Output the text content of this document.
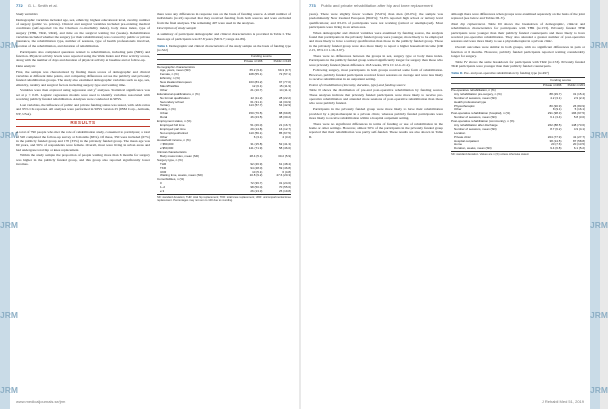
JRM
JRM
JRM
JRM
JRM
772 G. L. Smith et al.

Study variables

Demographic variables included age, sex, ethnicity, highest educational level, rurality, number of surgery (public vs. private). Clinical and surgical variables included pre-existing medical conditions (self-reported via the Charlson co-morbidity index), body mass index, type of surgery (THR, TKR, UKR), and time on the surgical waiting list (weeks). Rehabilitation variables included whether the surgery (or their rehabilitation) was covered by public or private insurance, the rehabilitation type, number of sessions, type of health professionals involved, location of the rehabilitation, and duration of rehabilitation.

Participants also completed questions related to rehabilitation, including pain (NRS) and function. Physical activity levels were reported using the Walk Index and Prior activity scores, along with the number of days and duration of physical activity at baseline and at follow-up.

Data analysis

First, the sample was characterized by finding mean scores of demographic and clinical variables at different time points, and comparing differences across the publicly and privately funded rehabilitation groups. The study also examined demographic variables such as age, sex, ethnicity, rurality and surgical factors including surgery type and waiting time.

Variables were then explored using regression and χ² analyses. Statistical significance was set at p < 0.05. Logistic regression models were used to identify variables associated with receiving publicly funded rehabilitation. Analyses were conducted in SPSS.

Last variables, the influence of public and private funding status was tested, with odds ratios and 95% CIs reported. All analyses were performed in SPSS version 25 (IBM Corp., Armonk, NY, USA).

RESULTS

A total of 790 people who met the role of rehabilitation study, consented to participate; a total of 520 completed the follow-up survey at 6 months (66%). Of these, 350 were included (67%) in the publicly funded group and 170 (33%) in the privately funded group. The mean age was 69 years, and 56% of respondents were female. Overall, most were living in urban areas and had undergone total hip or knee replacement.

Within the study sample the proportion of people waiting more than 6 months for surgery was higher in the publicly funded group, and this group also reported significantly lower incomes.

there were any differences in response rate on the basis of funding source. A small number of individuals (n=22) reported that they received funding from both sources and were excluded from the final analyses. The remaining 497 were used in the analyses.

Description of study sample

A summary of participant demographic and clinical characteristics is provided in Table I. The mean age of participants was 67.8 years (SD 9.7; range 44–89).

Table I. Demographic and clinical characteristics of the study sample on the basis of funding type (n=322)
	Funding source	
	Private n=196	Public n=126
Demographic characteristics		
Age, years, mean (SD)	65.2 (9.4)	69.3 (9.7)
Female, n (%)	108 (55.1)	72 (57.1)
Ethnicity, n (%)		
New Zealand European	163 (83.2)	97 (77.0)
Māori/Pasifika	12 (6.1)	15 (11.9)
Other	21 (10.7)	14 (11.1)
Educational qualifications, n (%)		
No formal qualification	22 (11.2)	28 (22.2)
Secondary school	61 (31.1)	44 (34.9)
Tertiary	113 (57.7)	54 (42.9)
Rurality, n (%)		
Urban	150 (76.5)	88 (69.8)
Rural	46 (23.5)	38 (30.2)
Employment status, n (%)		
Employed full time	51 (26.0)	21 (16.7)
Employed part time	29 (14.8)	16 (12.7)
Not employed/retired	110 (56.1)	85 (67.5)
Other	6 (3.1)	4 (3.2)
Household income, n (%)		
< $50,000	31 (15.8)	52 (41.3)
≥ $50,000	141 (71.9)	58 (46.0)
Clinical characteristics		
Body mass index, mean (SD)	28.4 (5.1)	30.2 (5.9)
Surgery type, n (%)		
THR	92 (46.9)	61 (48.4)
TKR	94 (48.0)	59 (46.8)
UKR	10 (5.1)	6 (4.8)
Waiting time, weeks, mean (SD)	10.8 (9.2)	27.6 (20.3)
Comorbidities, n (%)		
0	72 (36.7)	31 (24.6)
1–2	98 (50.0)	70 (55.6)
≥ 3	26 (13.3)	25 (19.8)
SD: standard deviation; THR: total hip replacement; TKR: total knee replacement; UKR: unicompartmental knee replacement. Percentages may not sum to 100 due to rounding.
www.medicaljournals.se/jrm
JRM
JRM
JRM
JRM
JRM
773 Public and private rehabilitation after hip and knee replacement

years). There were slightly fewer women (55.6%) than men (45.0%); the sample was predominantly New Zealand European (80.6%); 74.0% reported high school or tertiary level qualifications; and 63.4% of participants were not working (retired or unemployed). Most participants were living in an urban area.

When demographic and clinical variables were examined by funding source, the analysis found that participants in the privately funded group were younger, more likely to be employed and more likely to have a tertiary qualification than those in the publicly funded group. Those in the privately funded group were also more likely to report a higher household income (OR 2.15, 95% CI 1.16–3.97).

There were no differences between the groups in sex, surgery type or body mass index. Participants in the publicly funded group waited significantly longer for surgery than those who were privately funded (mean difference 16.8 weeks, 95% CI 12.4–21.2).

Following surgery, most participants in both groups received some form of rehabilitation. However, publicly funded participants received fewer sessions on average and were less likely to receive rehabilitation in an outpatient setting.

Extent of rehabilitation (intensity, duration, type) and funding source

Table II shows the distribution of pre-and post-operative rehabilitation by funding source. These analyses indicate that privately funded participants were more likely to receive pre-operative rehabilitation and attended more sessions of post-operative rehabilitation than those who were publicly funded.

Participants in the privately funded group were more likely to have their rehabilitation provided by a physiotherapist in a private clinic, whereas publicly funded participants were more likely to receive rehabilitation within a hospital outpatient setting.

There were no significant differences in terms of funding or use of rehabilitation in the home or other settings. However, almost 50% of the participants in the privately funded group reported that their rehabilitation was partly self-funded. These results are also shown in Table II.

although there were differences when groups were examined separately on the basis of the joint replaced (see below and Tables III–V).

Total hip replacement. Table III shows the breakdown of demographic, clinical and rehabilitation characteristics for participants with THR (n=153). Privately funded THR participants were younger than their publicly funded counterparts and more likely to have received pre-operative rehabilitation. They also attended a greater number of post-operative sessions and were more likely to see a physiotherapist in a private clinic.

Overall outcomes were similar in both groups, with no significant differences in pain or function at 6 months. However, publicly funded participants reported waiting considerably longer for surgery.

Table IV shows the same breakdown for participants with TKR (n=153). Privately funded TKR participants were younger than their publicly funded counterparts.

Table II. Pre- and post-operative rehabilitation by funding type (n=497)
	Funding source	
	Private n=296	Public n=201
Pre-operative rehabilitation, n (%)		
Any rehabilitation pre-surgery, n (%)	88 (29.7)	31 (15.4)
Number of sessions, mean (SD)	4.2 (3.1)	2.9 (2.4)
Health professional type		
Physiotherapist	80 (90.9)	26 (83.9)
Other	8 (9.1)	5 (16.1)
Post-operative rehabilitation (hospital), n (%)	291 (98.3)	196 (97.5)
Number of sessions, mean (SD)	6.1 (3.4)	5.8 (3.0)
Post-operative rehabilitation (community), n (%)		
Any rehabilitation after discharge	262 (88.5)	148 (73.6)
Number of sessions, mean (SD)	8.7 (6.2)	4.9 (4.1)
Location		
Private clinic	204 (77.9)	41 (27.7)
Hospital outpatient	38 (14.5)	87 (58.8)
Home	20 (7.6)	20 (13.5)
Duration, weeks, mean (SD)	9.4 (6.8)	6.1 (5.2)
SD: standard deviation. Values are n (%) unless otherwise stated.
J Rehabil Med 51, 2019
